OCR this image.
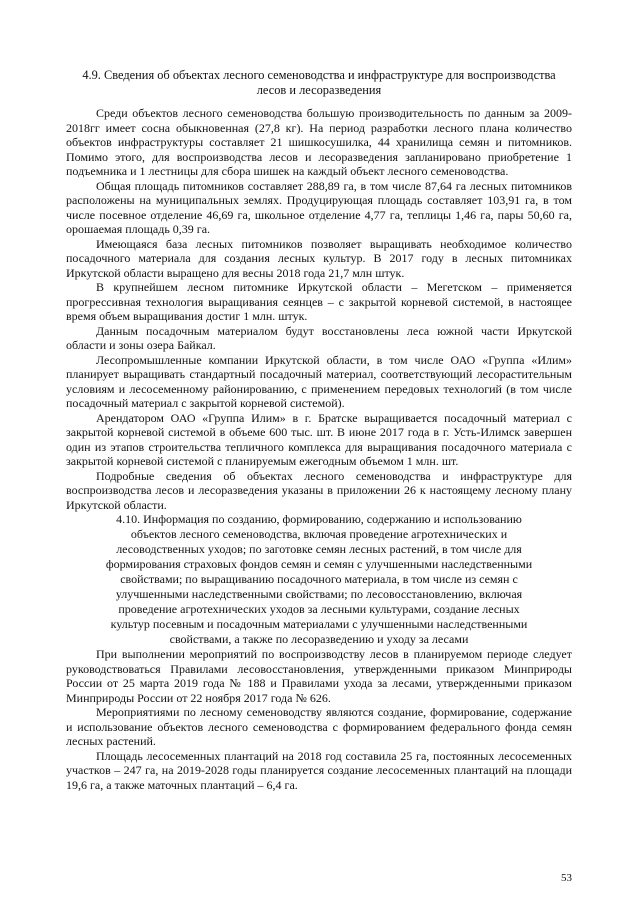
4.9. Сведения об объектах лесного семеноводства и инфраструктуре для воспроизводства
лесов и лесоразведения

Среди объектов лесного семеноводства большую производительность по данным за 2009-2018гг имеет сосна обыкновенная (27,8 кг). На период разработки лесного плана количество объектов инфраструктуры составляет 21 шишкосушилка, 44 хранилища семян и питомников. Помимо этого, для воспроизводства лесов и лесоразведения запланировано приобретение 1 подъемника и 1 лестницы для сбора шишек на каждый объект лесного семеноводства.

Общая площадь питомников составляет 288,89 га, в том числе 87,64 га лесных питомников расположены на муниципальных землях. Продуцирующая площадь составляет 103,91 га, в том числе посевное отделение 46,69 га, школьное отделение 4,77 га, теплицы 1,46 га, пары 50,60 га, орошаемая площадь 0,39 га.

Имеющаяся база лесных питомников позволяет выращивать необходимое количество посадочного материала для создания лесных культур. В 2017 году в лесных питомниках Иркутской области выращено для весны 2018 года 21,7 млн штук.

В крупнейшем лесном питомнике Иркутской области – Мегетском – применяется прогрессивная технология выращивания сеянцев – с закрытой корневой системой, в настоящее время объем выращивания достиг 1 млн. штук.

Данным посадочным материалом будут восстановлены леса южной части Иркутской области и зоны озера Байкал.

Лесопромышленные компании Иркутской области, в том числе ОАО «Группа «Илим» планирует выращивать стандартный посадочный материал, соответствующий лесорастительным условиям и лесосеменному районированию, с применением передовых технологий (в том числе посадочный материал с закрытой корневой системой).

Арендатором ОАО «Группа Илим» в г. Братске выращивается посадочный материал с закрытой корневой системой в объеме 600 тыс. шт. В июне 2017 года в г. Усть-Илимск завершен один из этапов строительства тепличного комплекса для выращивания посадочного материала с закрытой корневой системой с планируемым ежегодным объемом 1 млн. шт.

Подробные сведения об объектах лесного семеноводства и инфраструктуре для воспроизводства лесов и лесоразведения указаны в приложении 26 к настоящему лесному плану Иркутской области.

4.10. Информация по созданию, формированию, содержанию и использованию
объектов лесного семеноводства, включая проведение агротехнических и
лесоводственных уходов; по заготовке семян лесных растений, в том числе для
формирования страховых фондов семян и семян с улучшенными наследственными
свойствами; по выращиванию посадочного материала, в том числе из семян с
улучшенными наследственными свойствами; по лесовосстановлению, включая
проведение агротехнических уходов за лесными культурами, создание лесных
культур посевным и посадочным материалами с улучшенными наследственными
свойствами, а также по лесоразведению и уходу за лесами

При выполнении мероприятий по воспроизводству лесов в планируемом периоде следует руководствоваться Правилами лесовосстановления, утвержденными приказом Минприроды России от 25 марта 2019 года № 188 и Правилами ухода за лесами, утвержденными приказом Минприроды России от 22 ноября 2017 года № 626.

Мероприятиями по лесному семеноводству являются создание, формирование, содержание и использование объектов лесного семеноводства с формированием федерального фонда семян лесных растений.

Площадь лесосеменных плантаций на 2018 год составила 25 га, постоянных лесосеменных участков – 247 га, на 2019-2028 годы планируется создание лесосеменных плантаций на площади 19,6 га, а также маточных плантаций – 6,4 га.

53
